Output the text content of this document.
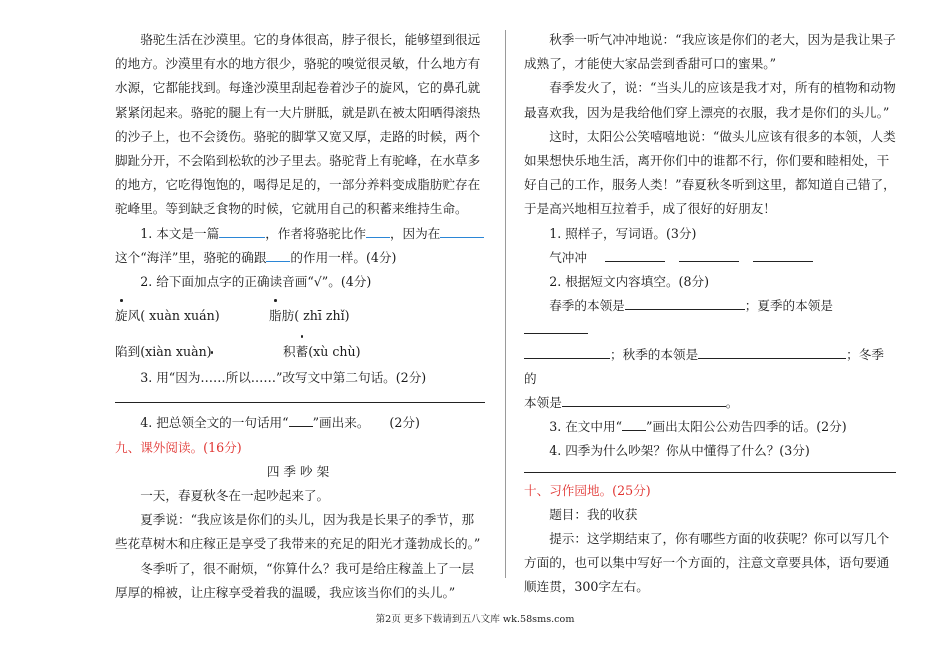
骆驼生活在沙漠里。它的身体很高，脖子很长，能够望到很远的地方。沙漠里有水的地方很少，骆驼的嗅觉很灵敏，什么地方有水源，它都能找到。每逢沙漠里刮起卷着沙子的旋风，它的鼻孔就紧紧闭起来。骆驼的腿上有一大片胼胝，就是趴在被太阳晒得滚热的沙子上，也不会烫伤。骆驼的脚掌又宽又厚，走路的时候，两个脚趾分开，不会陷到松软的沙子里去。骆驼背上有驼峰，在水草多的地方，它吃得饱饱的，喝得足足的，一部分养料变成脂肪贮存在驼峰里。等到缺乏食物的时候，它就用自己的积蓄来维持生命。

1. 本文是一篇	，作者将骆驼比作 ，因为在
这个“海洋”里，骆驼的确跟 的作用一样。(4分)

2. 给下面加点字的正确读音画“√”。(4分)

旋风( xuàn xuán)	脂肪( zhī zhǐ)
陷到(xiàn xuàn)	积蓄(xù chù)

3. 用“因为……所以……”改写文中第二句话。(2分)

4. 把总领全文的一句话用“ ”画出来。 (2分)

九、课外阅读。(16分)

四季吵架

一天，春夏秋冬在一起吵起来了。

夏季说：“我应该是你们的头儿，因为我是长果子的季节，那些花草树木和庄稼正是享受了我带来的充足的阳光才蓬勃成长的。”

冬季听了，很不耐烦，“你算什么？我可是给庄稼盖上了一层厚厚的棉被，让庄稼享受着我的温暖，我应该当你们的头儿。”

秋季一听气冲冲地说：“我应该是你们的老大，因为是我让果子成熟了，才能使大家品尝到香甜可口的蜜果。”

春季发火了，说：“当头儿的应该是我才对，所有的植物和动物最喜欢我，因为是我给他们穿上漂亮的衣服，我才是你们的头儿。”

这时，太阳公公笑嘻嘻地说：“做头儿应该有很多的本领，人类如果想快乐地生活，离开你们中的谁都不行，你们要和睦相处，干好自己的工作，服务人类！”春夏秋冬听到这里，都知道自己错了，于是高兴地相互拉着手，成了很好的好朋友！

1. 照样子，写词语。(3分)

气冲冲

2. 根据短文内容填空。(8分)

春季的本领是	；夏季的本领是
；秋季的本领是	；冬季的
本领是	。

3. 在文中用“ ”画出太阳公公劝告四季的话。(2分)

4. 四季为什么吵架？你从中懂得了什么？(3分)

十、习作园地。(25分)

题目：我的收获

提示：这学期结束了，你有哪些方面的收获呢？你可以写几个方面的，也可以集中写好一个方面的，注意文章要具体，语句要通顺连贯，300字左右。

第2页 更多下载请到五八文库 wk.58sms.com
